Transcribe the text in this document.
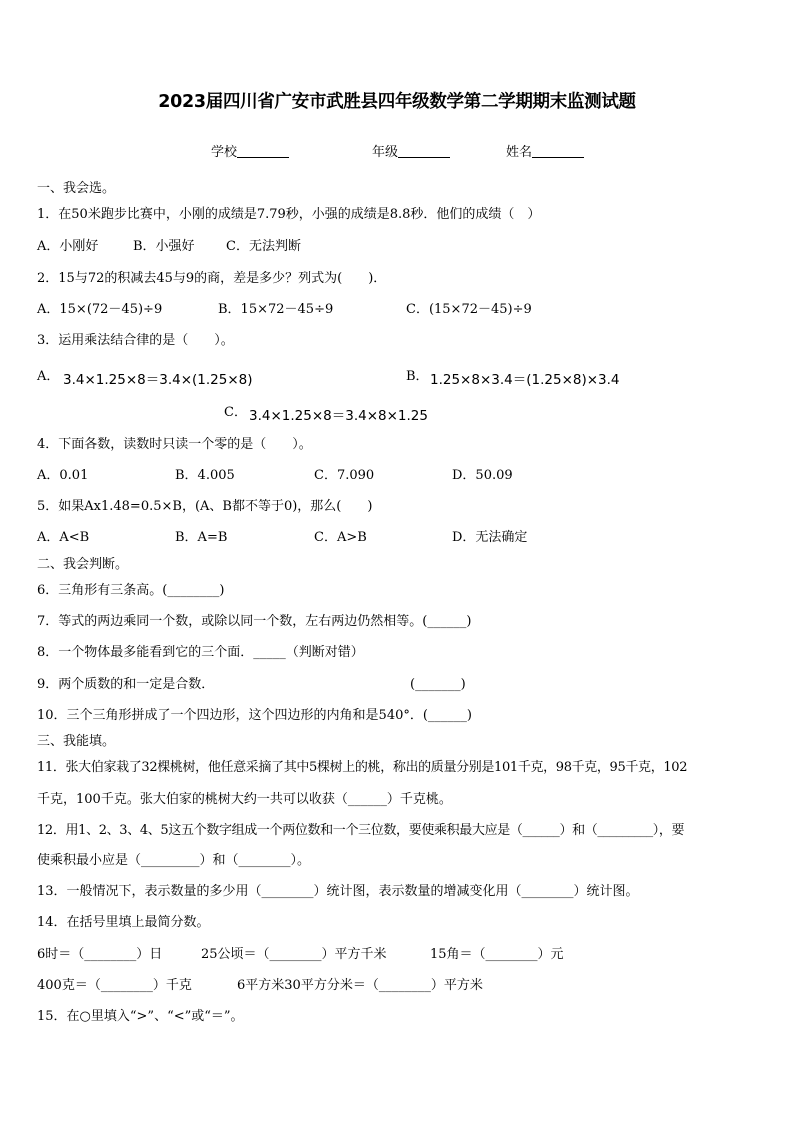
2023届四川省广安市武胜县四年级数学第二学期期末监测试题
学校	年级	姓名
一、我会选。
1．在50米跑步比赛中，小刚的成绩是7.79秒，小强的成绩是8.8秒．他们的成绩（　）
A．小刚好	B．小强好 C．无法判断
2．15与72的积减去45与9的商，差是多少？列式为(　　)．
A．15×(72－45)÷9	B．15×72－45÷9	C．(15×72－45)÷9
3．运用乘法结合律的是（　　）。
A． 3.4×1.25×8＝3.4×(1.25×8)	B． 1.25×8×3.4＝(1.25×8)×3.4
C． 3.4×1.25×8＝3.4×8×1.25
4．下面各数，读数时只读一个零的是（　　）。
A．0.01	B．4.005	C．7.090	D．50.09
5．如果Ax1.48=0.5×B，(A、B都不等于0)，那么(　　)
A．A<B	B．A=B	C．A>B	D．无法确定
二、我会判断。
6．三角形有三条高。(________)
7．等式的两边乘同一个数，或除以同一个数，左右两边仍然相等。(______)
8．一个物体最多能看到它的三个面．_____（判断对错）
9．两个质数的和一定是合数．	(_______)
10．三个三角形拼成了一个四边形，这个四边形的内角和是540°．(______)
三、我能填。
11．张大伯家栽了32棵桃树，他任意采摘了其中5棵树上的桃，称出的质量分别是101千克，98千克，95千克，102
千克，100千克。张大伯家的桃树大约一共可以收获（______）千克桃。
12．用1、2、3、4、5这五个数字组成一个两位数和一个三位数，要使乘积最大应是（______）和（_________），要
使乘积最小应是（_________）和（________）。
13．一般情况下，表示数量的多少用（________）统计图，表示数量的增减变化用（________）统计图。
14．在括号里填上最简分数。
6时＝（________）日	25公顷＝（________）平方千米	15角＝（________）元
400克＝（________）千克	6平方米30平方分米＝（________）平方米
15．在○里填入“>”、“<”或“＝”。
